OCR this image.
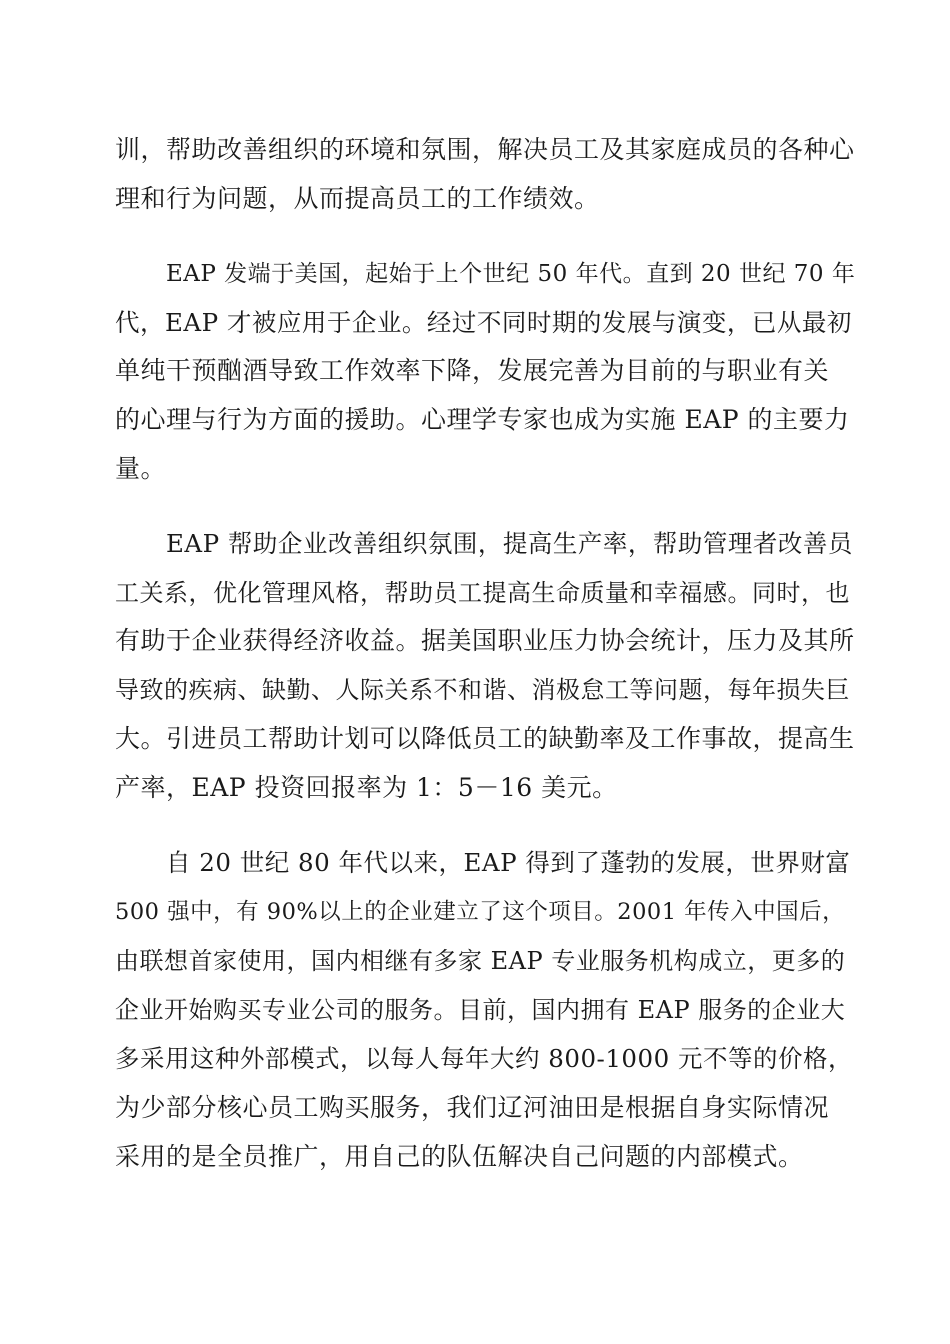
训，帮助改善组织的环境和氛围，解决员工及其家庭成员的各种心
理和行为问题，从而提高员工的工作绩效。
EAP 发端于美国，起始于上个世纪 50 年代。直到 20 世纪 70 年
代，EAP 才被应用于企业。经过不同时期的发展与演变，已从最初
单纯干预酗酒导致工作效率下降，发展完善为目前的与职业有关
的心理与行为方面的援助。心理学专家也成为实施 EAP 的主要力
量。
EAP 帮助企业改善组织氛围，提高生产率，帮助管理者改善员
工关系，优化管理风格，帮助员工提高生命质量和幸福感。同时，也
有助于企业获得经济收益。据美国职业压力协会统计，压力及其所
导致的疾病、缺勤、人际关系不和谐、消极怠工等问题，每年损失巨
大。引进员工帮助计划可以降低员工的缺勤率及工作事故，提高生
产率，EAP 投资回报率为 1：5－16 美元。
自 20 世纪 80 年代以来，EAP 得到了蓬勃的发展，世界财富
500 强中，有 90%以上的企业建立了这个项目。2001 年传入中国后，
由联想首家使用，国内相继有多家 EAP 专业服务机构成立，更多的
企业开始购买专业公司的服务。目前，国内拥有 EAP 服务的企业大
多采用这种外部模式，以每人每年大约 800-1000 元不等的价格，
为少部分核心员工购买服务，我们辽河油田是根据自身实际情况
采用的是全员推广，用自己的队伍解决自己问题的内部模式。
